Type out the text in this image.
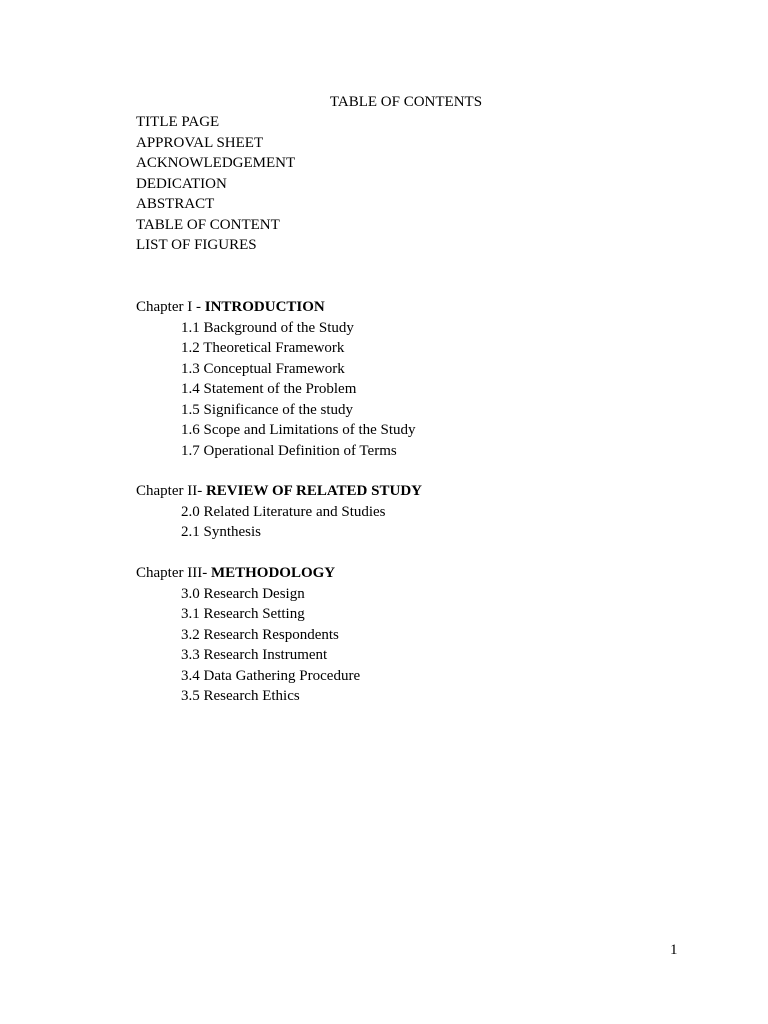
TABLE OF CONTENTS
TITLE PAGE
APPROVAL SHEET
ACKNOWLEDGEMENT
DEDICATION
ABSTRACT
TABLE OF CONTENT
LIST OF FIGURES
Chapter I - INTRODUCTION
1.1 Background of the Study
1.2 Theoretical Framework
1.3 Conceptual Framework
1.4 Statement of the Problem
1.5 Significance of the study
1.6 Scope and Limitations of the Study
1.7 Operational Definition of Terms
Chapter II- REVIEW OF RELATED STUDY
2.0 Related Literature and Studies
2.1 Synthesis
Chapter III- METHODOLOGY
3.0 Research Design
3.1 Research Setting
3.2 Research Respondents
3.3 Research Instrument
3.4 Data Gathering Procedure
3.5 Research Ethics
1
